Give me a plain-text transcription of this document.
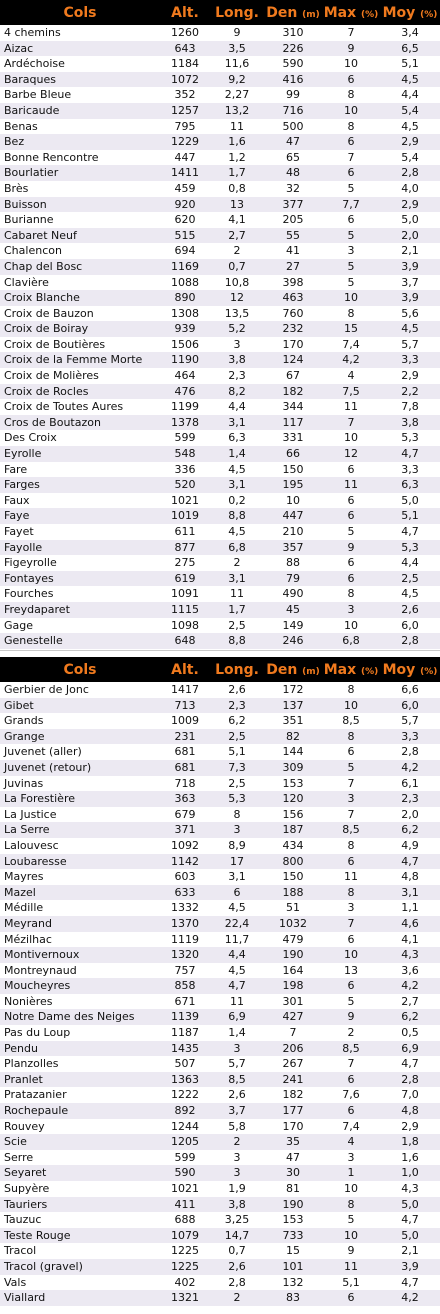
Cols	Alt.	Long.	Den (m)	Max (%)	Moy (%)
4 chemins	1260	9	310	7	3,4
Aizac	643	3,5	226	9	6,5
Ardéchoise	1184	11,6	590	10	5,1
Baraques	1072	9,2	416	6	4,5
Barbe Bleue	352	2,27	99	8	4,4
Baricaude	1257	13,2	716	10	5,4
Benas	795	11	500	8	4,5
Bez	1229	1,6	47	6	2,9
Bonne Rencontre	447	1,2	65	7	5,4
Bourlatier	1411	1,7	48	6	2,8
Brès	459	0,8	32	5	4,0
Buisson	920	13	377	7,7	2,9
Burianne	620	4,1	205	6	5,0
Cabaret Neuf	515	2,7	55	5	2,0
Chalencon	694	2	41	3	2,1
Chap del Bosc	1169	0,7	27	5	3,9
Clavière	1088	10,8	398	5	3,7
Croix Blanche	890	12	463	10	3,9
Croix de Bauzon	1308	13,5	760	8	5,6
Croix de Boiray	939	5,2	232	15	4,5
Croix de Boutières	1506	3	170	7,4	5,7
Croix de la Femme Morte	1190	3,8	124	4,2	3,3
Croix de Molières	464	2,3	67	4	2,9
Croix de Rocles	476	8,2	182	7,5	2,2
Croix de Toutes Aures	1199	4,4	344	11	7,8
Cros de Boutazon	1378	3,1	117	7	3,8
Des Croix	599	6,3	331	10	5,3
Eyrolle	548	1,4	66	12	4,7
Fare	336	4,5	150	6	3,3
Farges	520	3,1	195	11	6,3
Faux	1021	0,2	10	6	5,0
Faye	1019	8,8	447	6	5,1
Fayet	611	4,5	210	5	4,7
Fayolle	877	6,8	357	9	5,3
Figeyrolle	275	2	88	6	4,4
Fontayes	619	3,1	79	6	2,5
Fourches	1091	11	490	8	4,5
Freydaparet	1115	1,7	45	3	2,6
Gage	1098	2,5	149	10	6,0
Genestelle	648	8,8	246	6,8	2,8
Cols	Alt.	Long.	Den (m)	Max (%)	Moy (%)
Gerbier de Jonc	1417	2,6	172	8	6,6
Gibet	713	2,3	137	10	6,0
Grands	1009	6,2	351	8,5	5,7
Grange	231	2,5	82	8	3,3
Juvenet (aller)	681	5,1	144	6	2,8
Juvenet (retour)	681	7,3	309	5	4,2
Juvinas	718	2,5	153	7	6,1
La Forestière	363	5,3	120	3	2,3
La Justice	679	8	156	7	2,0
La Serre	371	3	187	8,5	6,2
Lalouvesc	1092	8,9	434	8	4,9
Loubaresse	1142	17	800	6	4,7
Mayres	603	3,1	150	11	4,8
Mazel	633	6	188	8	3,1
Médille	1332	4,5	51	3	1,1
Meyrand	1370	22,4	1032	7	4,6
Mézilhac	1119	11,7	479	6	4,1
Montivernoux	1320	4,4	190	10	4,3
Montreynaud	757	4,5	164	13	3,6
Moucheyres	858	4,7	198	6	4,2
Nonières	671	11	301	5	2,7
Notre Dame des Neiges	1139	6,9	427	9	6,2
Pas du Loup	1187	1,4	7	2	0,5
Pendu	1435	3	206	8,5	6,9
Planzolles	507	5,7	267	7	4,7
Pranlet	1363	8,5	241	6	2,8
Pratazanier	1222	2,6	182	7,6	7,0
Rochepaule	892	3,7	177	6	4,8
Rouvey	1244	5,8	170	7,4	2,9
Scie	1205	2	35	4	1,8
Serre	599	3	47	3	1,6
Seyaret	590	3	30	1	1,0
Supyère	1021	1,9	81	10	4,3
Tauriers	411	3,8	190	8	5,0
Tauzuc	688	3,25	153	5	4,7
Teste Rouge	1079	14,7	733	10	5,0
Tracol	1225	0,7	15	9	2,1
Tracol (gravel)	1225	2,6	101	11	3,9
Vals	402	2,8	132	5,1	4,7
Viallard	1321	2	83	6	4,2
